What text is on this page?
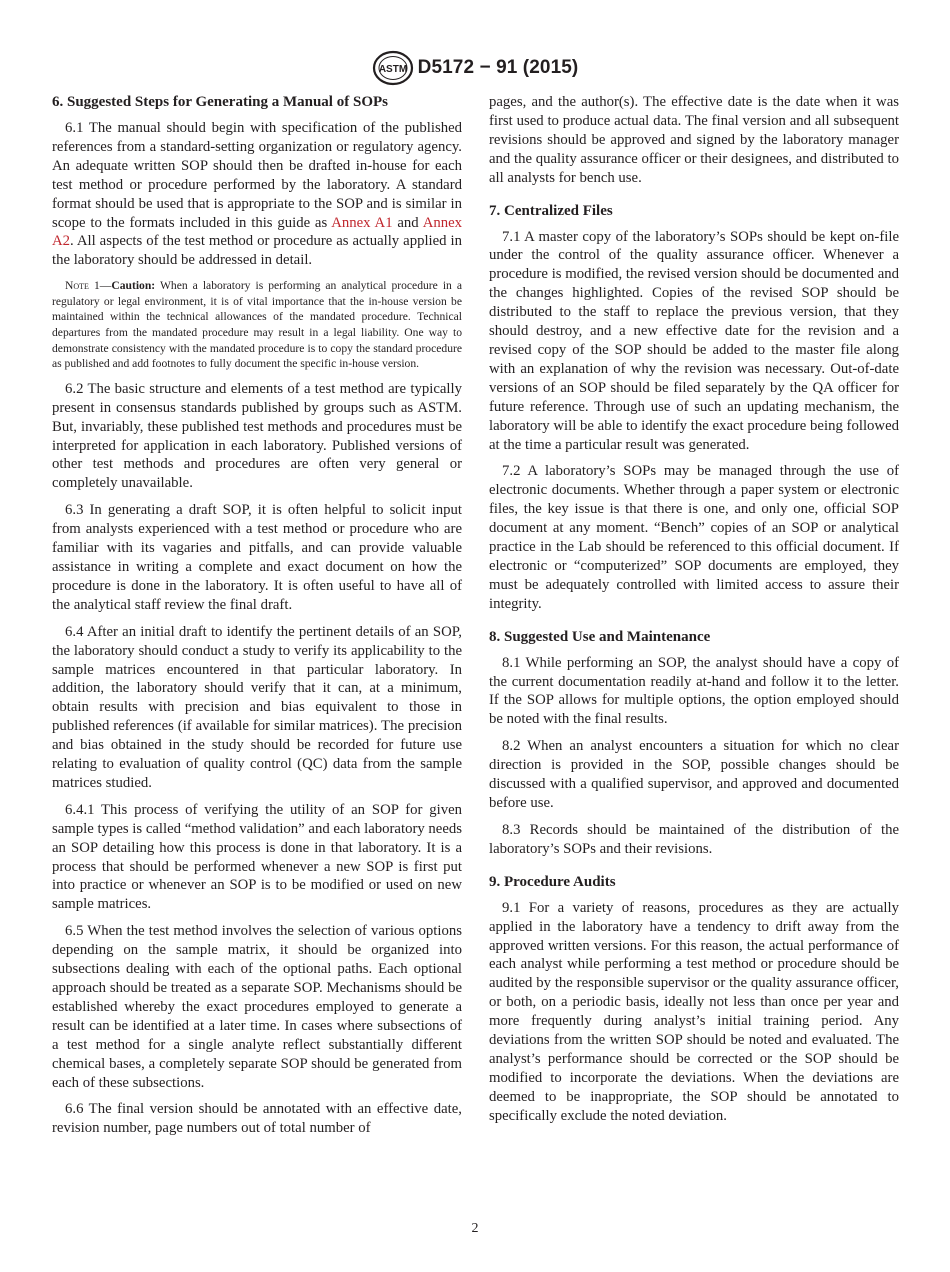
ASTM D5172 − 91 (2015)

6. Suggested Steps for Generating a Manual of SOPs

6.1 The manual should begin with specification of the published references from a standard-setting organization or regulatory agency. An adequate written SOP should then be drafted in-house for each test method or procedure performed by the laboratory. A standard format should be used that is appropriate to the SOP and is similar in scope to the formats included in this guide as Annex A1 and Annex A2. All aspects of the test method or procedure as actually applied in the laboratory should be addressed in detail.

Note 1—Caution: When a laboratory is performing an analytical procedure in a regulatory or legal environment, it is of vital importance that the in-house version be maintained within the technical allowances of the mandated procedure. Technical departures from the mandated procedure may result in a legal liability. One way to demonstrate consistency with the mandated procedure is to copy the standard procedure as published and add footnotes to fully document the specific in-house version.

6.2 The basic structure and elements of a test method are typically present in consensus standards published by groups such as ASTM. But, invariably, these published test methods and procedures must be interpreted for application in each laboratory. Published versions of other test methods and procedures are often very general or completely unavailable.

6.3 In generating a draft SOP, it is often helpful to solicit input from analysts experienced with a test method or procedure who are familiar with its vagaries and pitfalls, and can provide valuable assistance in writing a complete and exact document on how the procedure is done in the laboratory. It is often useful to have all of the analytical staff review the final draft.

6.4 After an initial draft to identify the pertinent details of an SOP, the laboratory should conduct a study to verify its applicability to the sample matrices encountered in that particular laboratory. In addition, the laboratory should verify that it can, at a minimum, obtain results with precision and bias equivalent to those in published references (if available for similar matrices). The precision and bias obtained in the study should be recorded for future use relating to evaluation of quality control (QC) data from the sample matrices studied.

6.4.1 This process of verifying the utility of an SOP for given sample types is called “method validation” and each laboratory needs an SOP detailing how this process is done in that laboratory. It is a process that should be performed whenever a new SOP is first put into practice or whenever an SOP is to be modified or used on new sample matrices.

6.5 When the test method involves the selection of various options depending on the sample matrix, it should be organized into subsections dealing with each of the optional paths. Each optional approach should be treated as a separate SOP. Mechanisms should be established whereby the exact procedures employed to generate a result can be identified at a later time. In cases where subsections of a test method for a single analyte reflect substantially different chemical bases, a completely separate SOP should be generated from each of these subsections.

6.6 The final version should be annotated with an effective date, revision number, page numbers out of total number of

pages, and the author(s). The effective date is the date when it was first used to produce actual data. The final version and all subsequent revisions should be approved and signed by the laboratory manager and the quality assurance officer or their designees, and distributed to all analysts for bench use.

7. Centralized Files

7.1 A master copy of the laboratory’s SOPs should be kept on-file under the control of the quality assurance officer. Whenever a procedure is modified, the revised version should be documented and the changes highlighted. Copies of the revised SOP should be distributed to the staff to replace the previous version, that they should destroy, and a new effective date for the revision and a revised copy of the SOP should be added to the master file along with an explanation of why the revision was necessary. Out-of-date versions of an SOP should be filed separately by the QA officer for future reference. Through use of such an updating mechanism, the laboratory will be able to identify the exact procedure being followed at the time a particular result was generated.

7.2 A laboratory’s SOPs may be managed through the use of electronic documents. Whether through a paper system or electronic files, the key issue is that there is one, and only one, official SOP document at any moment. “Bench” copies of an SOP or analytical practice in the Lab should be referenced to this official document. If electronic or “computerized” SOP documents are employed, they must be adequately controlled with limited access to assure their integrity.

8. Suggested Use and Maintenance

8.1 While performing an SOP, the analyst should have a copy of the current documentation readily at-hand and follow it to the letter. If the SOP allows for multiple options, the option employed should be noted with the final results.

8.2 When an analyst encounters a situation for which no clear direction is provided in the SOP, possible changes should be discussed with a qualified supervisor, and approved and documented before use.

8.3 Records should be maintained of the distribution of the laboratory’s SOPs and their revisions.

9. Procedure Audits

9.1 For a variety of reasons, procedures as they are actually applied in the laboratory have a tendency to drift away from the approved written versions. For this reason, the actual performance of each analyst while performing a test method or procedure should be audited by the responsible supervisor or the quality assurance officer, or both, on a periodic basis, ideally not less than once per year and more frequently during analyst’s initial training period. Any deviations from the written SOP should be noted and evaluated. The analyst’s performance should be corrected or the SOP should be modified to incorporate the deviations. When the deviations are deemed to be inappropriate, the SOP should be annotated to specifically exclude the noted deviation.

2
